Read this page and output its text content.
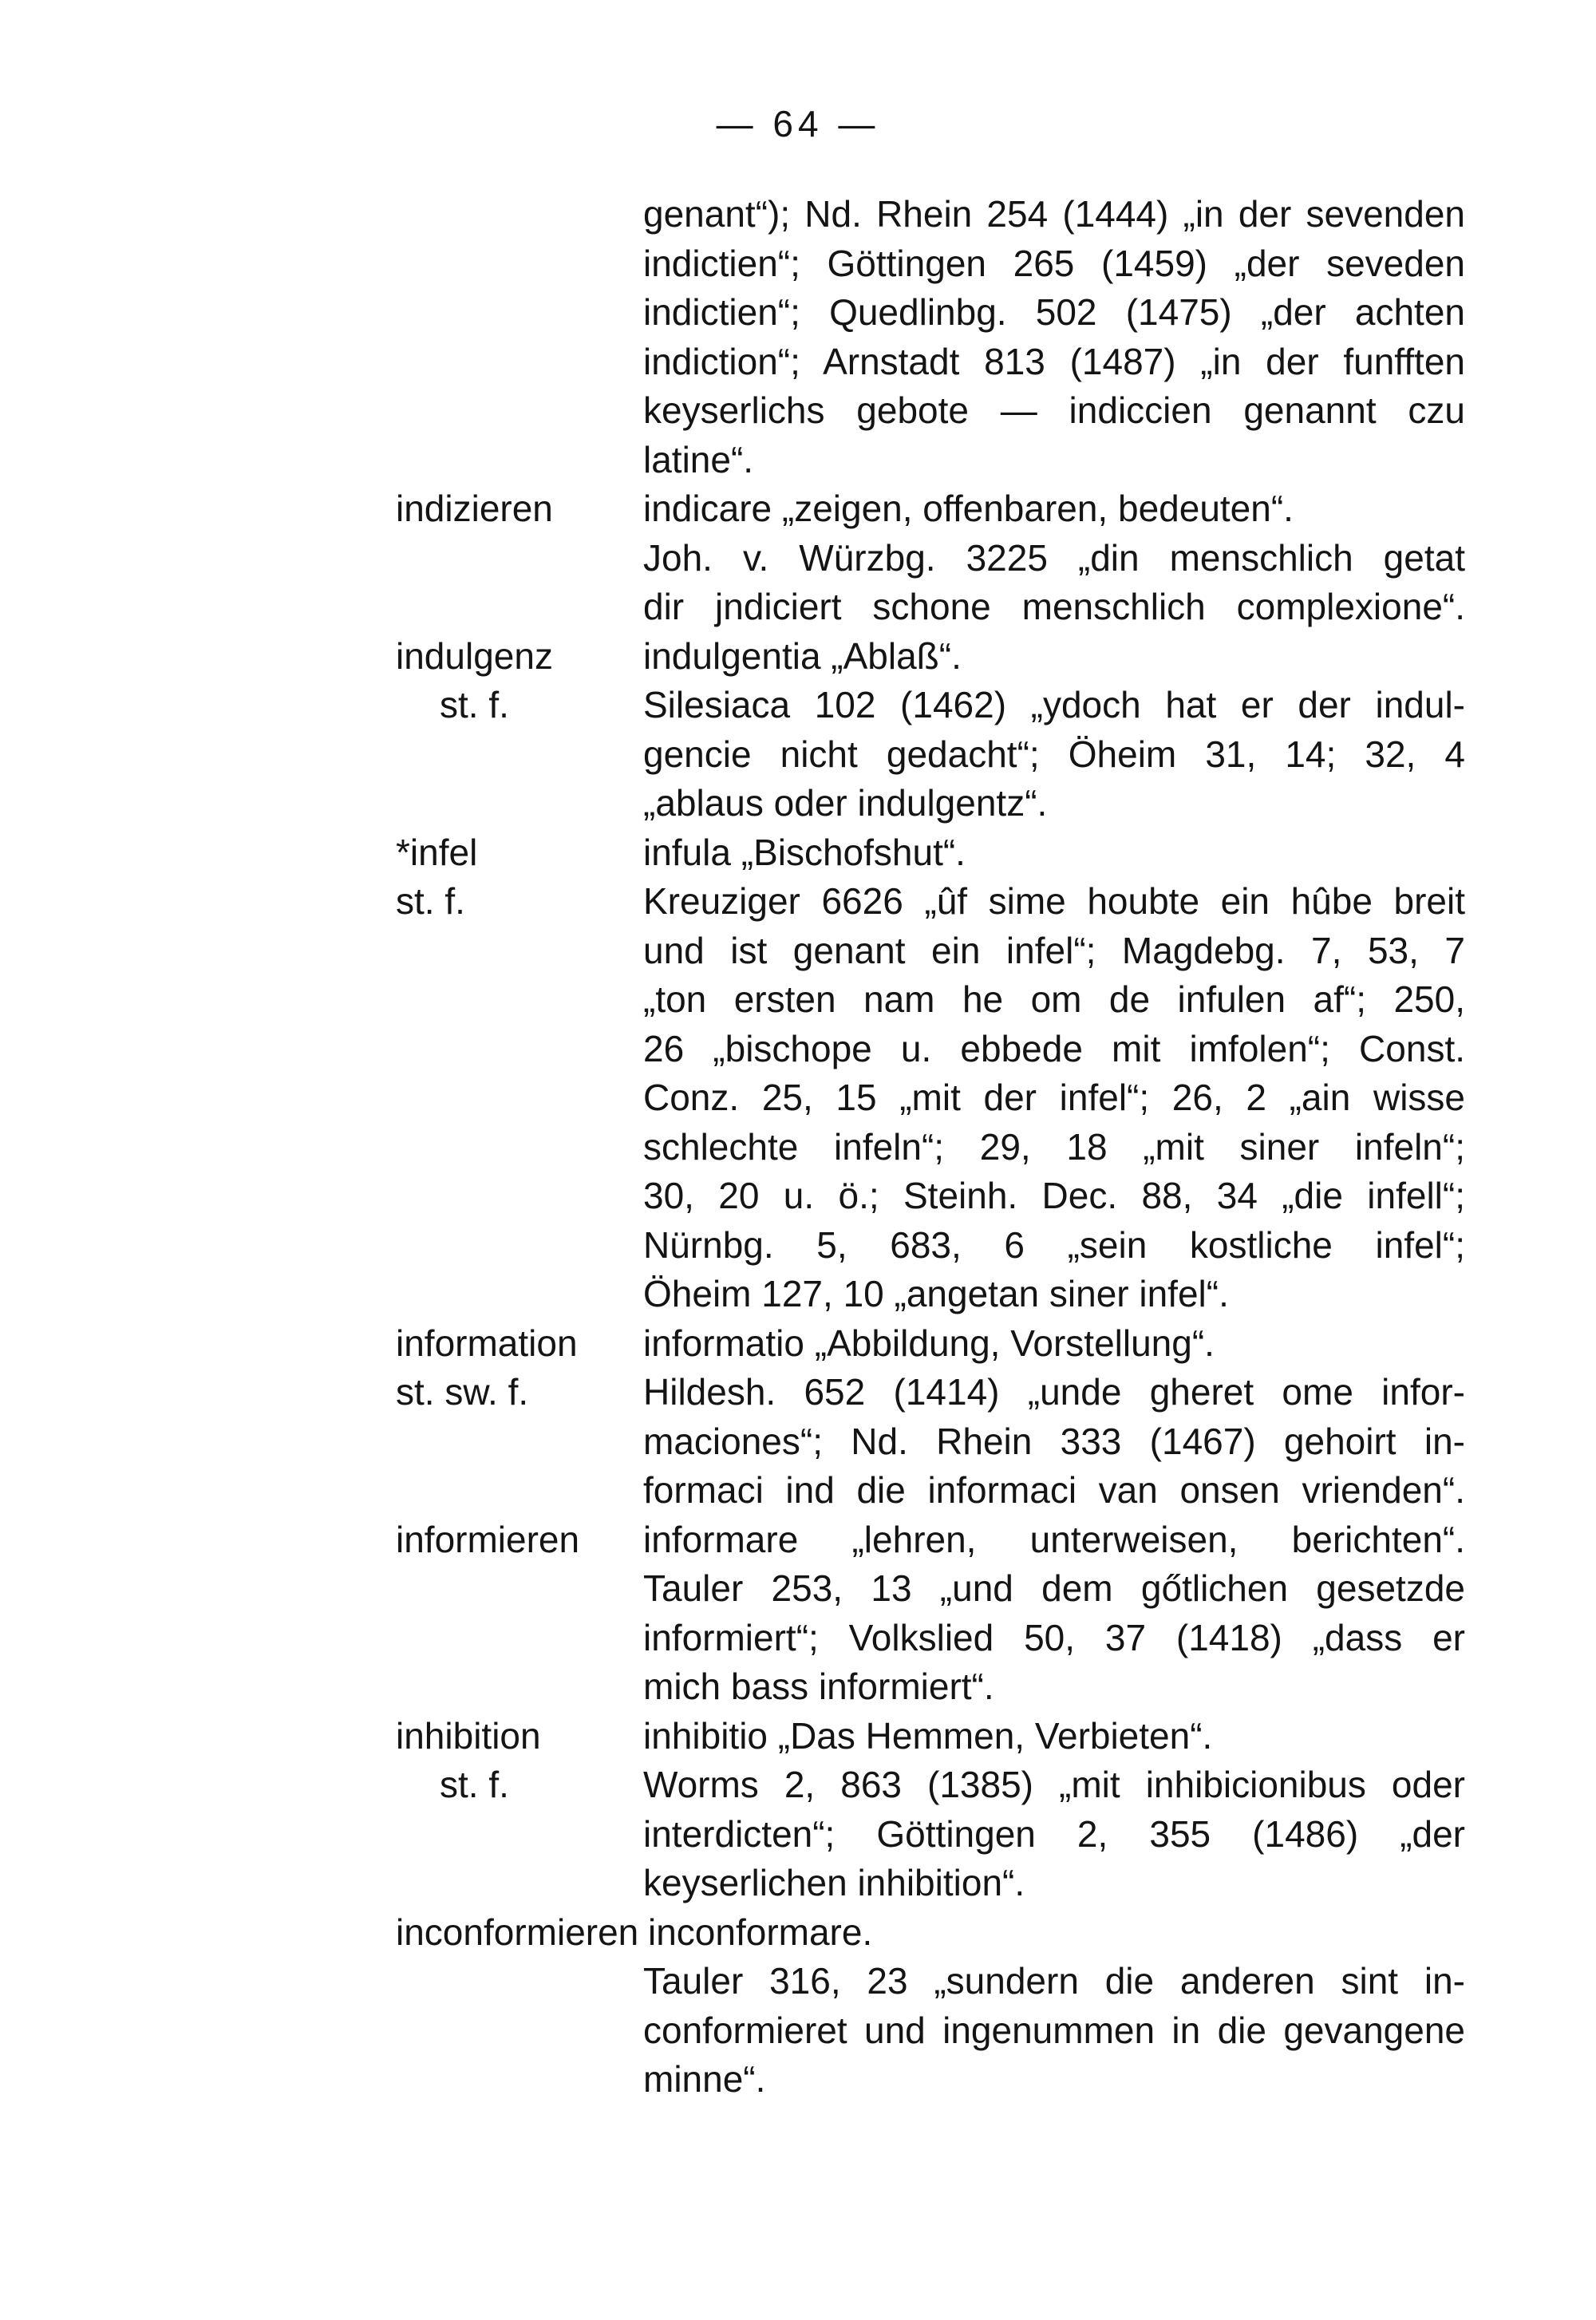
— 64 —
genant“); Nd. Rhein 254 (1444) „in der sevenden
indictien“; Göttingen 265 (1459) „der seveden
indictien“; Quedlinbg. 502 (1475) „der achten
indiction“; Arnstadt 813 (1487) „in der funfften
keyserlichs gebote — indiccien genannt czu
latine“.
indizieren	indicare „zeigen, offenbaren, bedeuten“.
Joh. v. Würzbg. 3225 „din menschlich getat
dir jndiciert schone menschlich complexione“.
indulgenz
st. f.
indulgentia „Ablaß“.
Silesiaca 102 (1462) „ydoch hat er der indul-
gencie nicht gedacht“; Öheim 31, 14; 32, 4
„ablaus oder indulgentz“.
*infel
st. f.
infula „Bischofshut“.
Kreuziger 6626 „ûf sime houbte ein hûbe breit
und ist genant ein infel“; Magdebg. 7, 53, 7
„ton ersten nam he om de infulen af“; 250,
26 „bischope u. ebbede mit imfolen“; Const.
Conz. 25, 15 „mit der infel“; 26, 2 „ain wisse
schlechte infeln“; 29, 18 „mit siner infeln“;
30, 20 u. ö.; Steinh. Dec. 88, 34 „die infell“;
Nürnbg. 5, 683, 6 „sein kostliche infel“;
Öheim 127, 10 „angetan siner infel“.
information
st. sw. f.
informatio „Abbildung, Vorstellung“.
Hildesh. 652 (1414) „unde gheret ome infor-
maciones“; Nd. Rhein 333 (1467) gehoirt in-
formaci ind die informaci van onsen vrienden“.
informieren	informare „lehren, unterweisen, berichten“.
Tauler 253, 13 „und dem gőtlichen gesetzde
informiert“; Volkslied 50, 37 (1418) „dass er
mich bass informiert“.
inhibition
st. f.
inhibitio „Das Hemmen, Verbieten“.
Worms 2, 863 (1385) „mit inhibicionibus oder
interdicten“; Göttingen 2, 355 (1486) „der
keyserlichen inhibition“.
inconformieren inconformare.
Tauler 316, 23 „sundern die anderen sint in-
conformieret und ingenummen in die gevangene
minne“.
